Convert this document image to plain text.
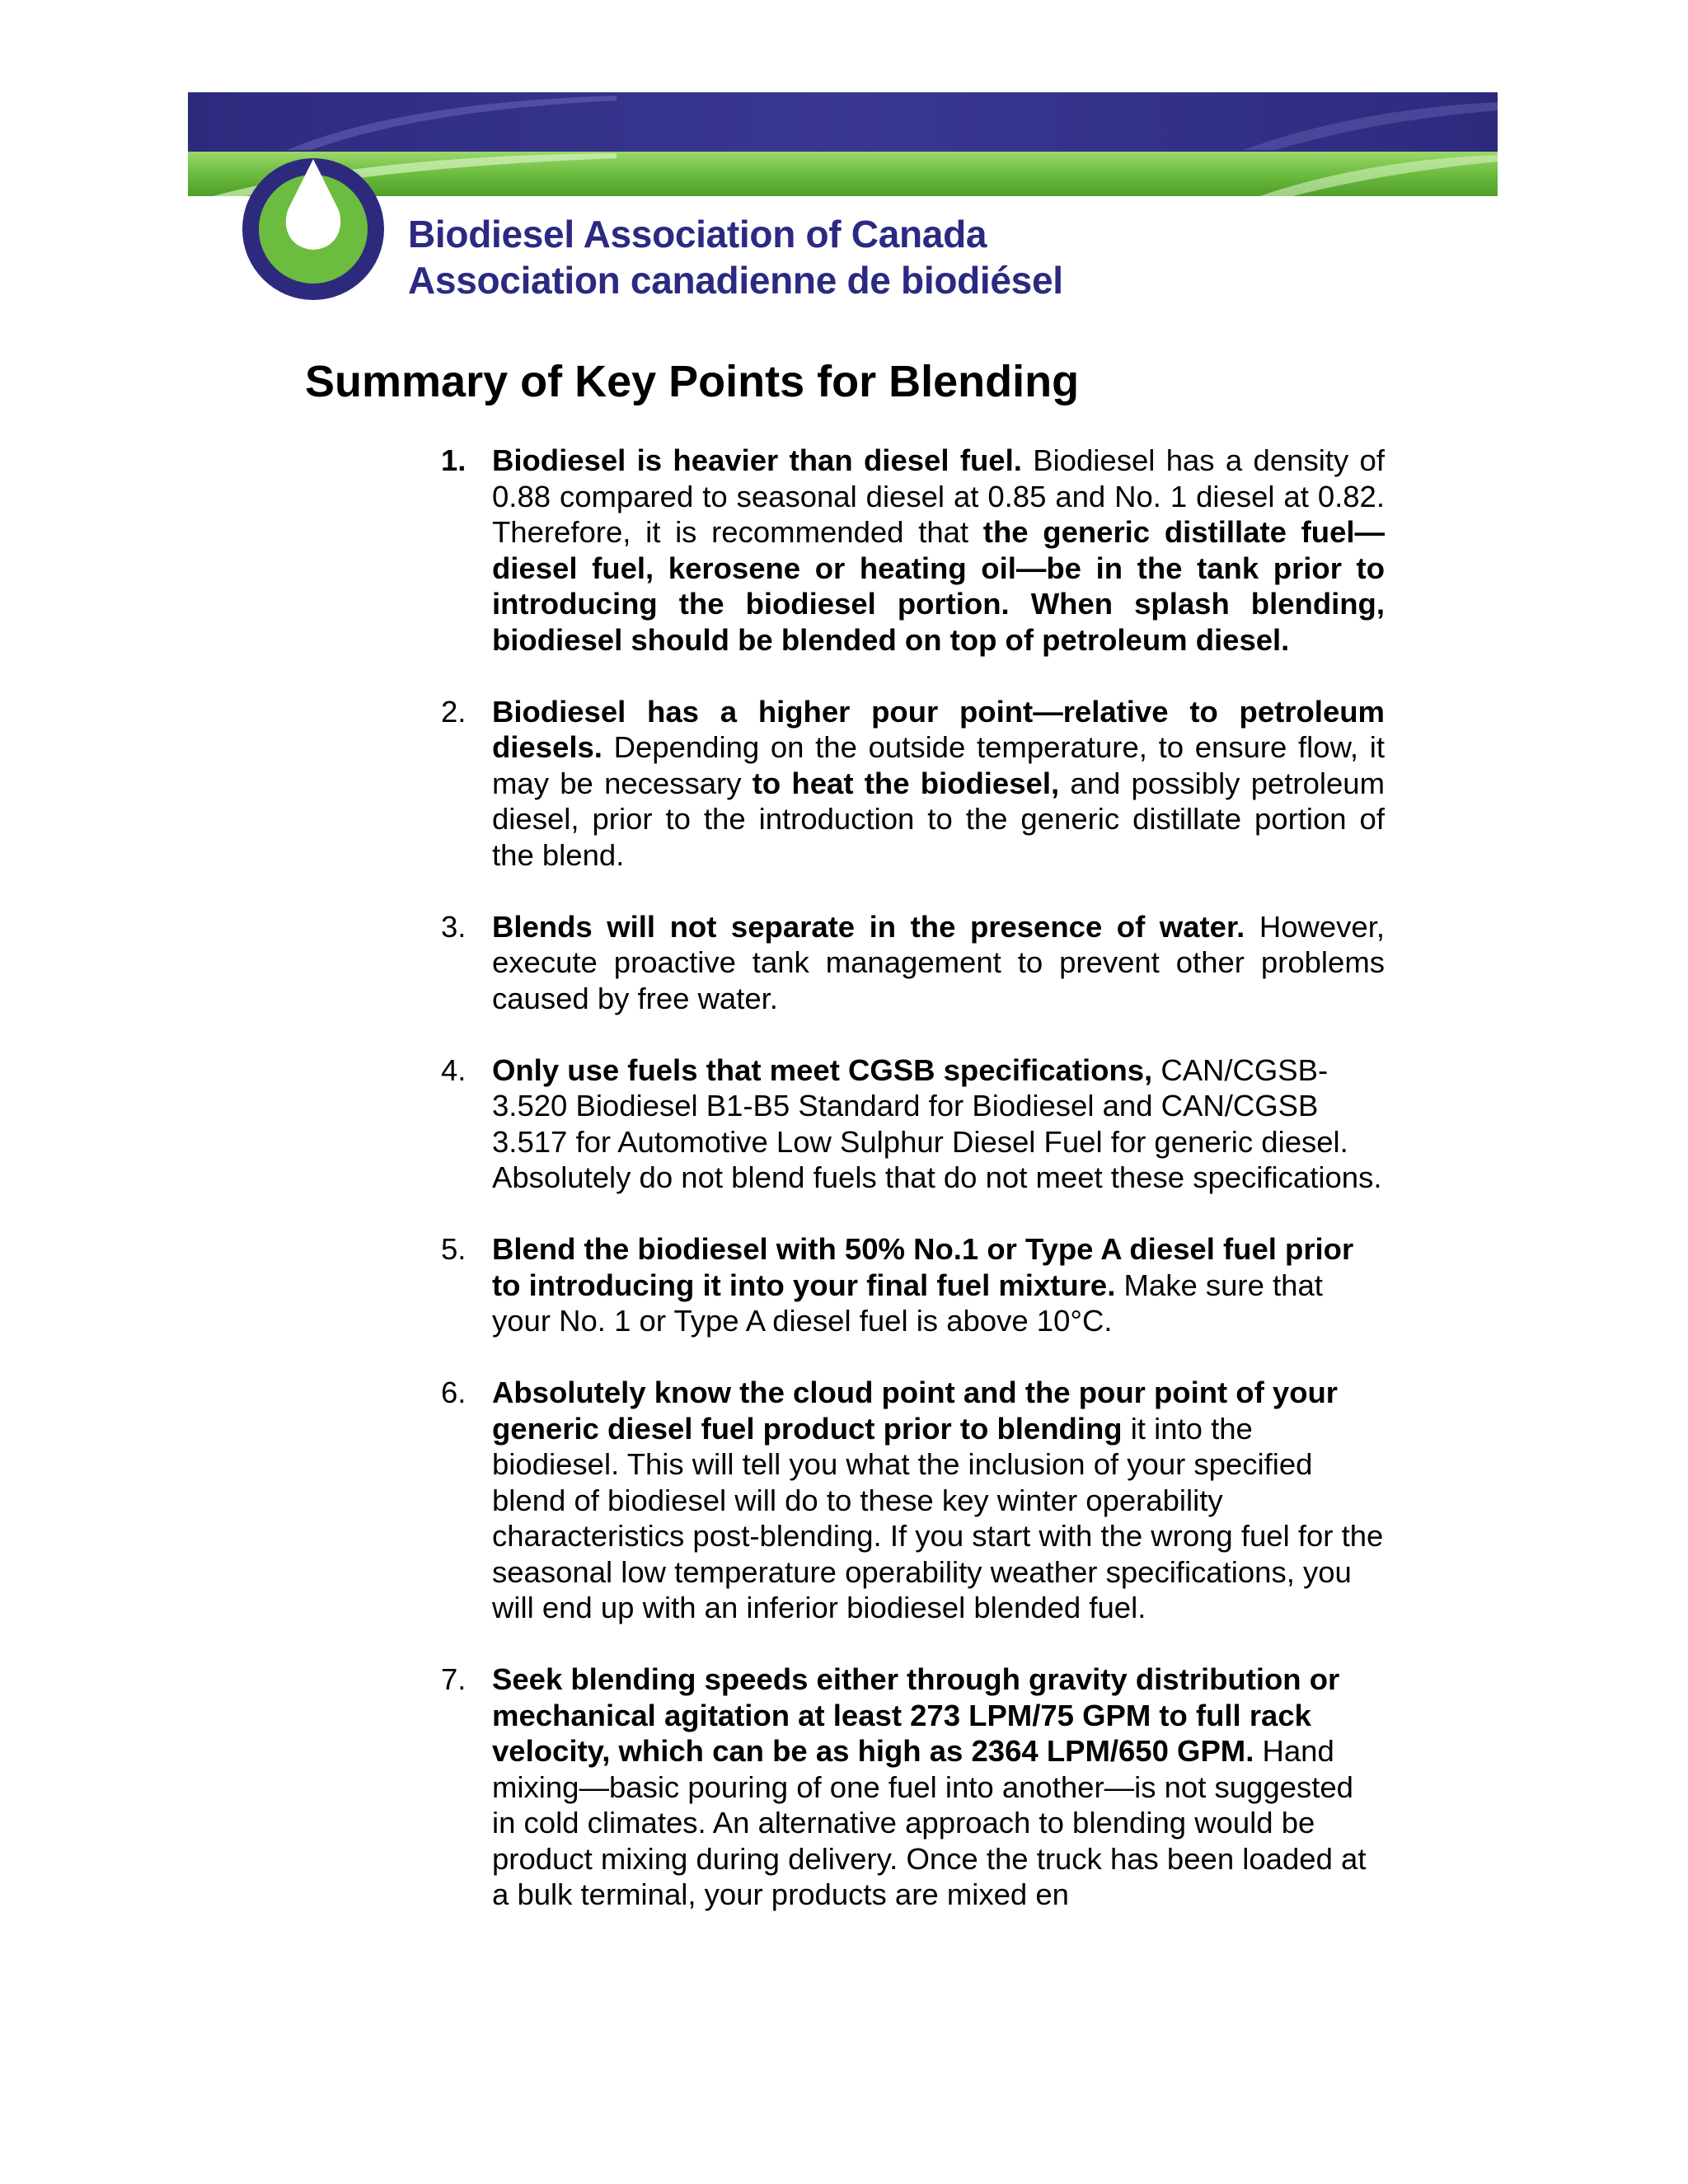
Biodiesel Association of Canada
Association canadienne de biodiésel
Summary of Key Points for Blending
1. Biodiesel is heavier than diesel fuel. Biodiesel has a density of 0.88 compared to seasonal diesel at 0.85 and No. 1 diesel at 0.82. Therefore, it is recommended that the generic distillate fuel—diesel fuel, kerosene or heating oil—be in the tank prior to introducing the biodiesel portion. When splash blending, biodiesel should be blended on top of petroleum diesel.
2. Biodiesel has a higher pour point—relative to petroleum diesels. Depending on the outside temperature, to ensure flow, it may be necessary to heat the biodiesel, and possibly petroleum diesel, prior to the introduction to the generic distillate portion of the blend.
3. Blends will not separate in the presence of water. However, execute proactive tank management to prevent other problems caused by free water.
4. Only use fuels that meet CGSB specifications, CAN/CGSB-3.520 Biodiesel B1-B5 Standard for Biodiesel and CAN/CGSB 3.517 for Automotive Low Sulphur Diesel Fuel for generic diesel. Absolutely do not blend fuels that do not meet these specifications.
5. Blend the biodiesel with 50% No.1 or Type A diesel fuel prior to introducing it into your final fuel mixture. Make sure that your No. 1 or Type A diesel fuel is above 10°C.
6. Absolutely know the cloud point and the pour point of your generic diesel fuel product prior to blending it into the biodiesel. This will tell you what the inclusion of your specified blend of biodiesel will do to these key winter operability characteristics post-blending. If you start with the wrong fuel for the seasonal low temperature operability weather specifications, you will end up with an inferior biodiesel blended fuel.
7. Seek blending speeds either through gravity distribution or mechanical agitation at least 273 LPM/75 GPM to full rack velocity, which can be as high as 2364 LPM/650 GPM. Hand mixing—basic pouring of one fuel into another—is not suggested in cold climates. An alternative approach to blending would be product mixing during delivery. Once the truck has been loaded at a bulk terminal, your products are mixed en
